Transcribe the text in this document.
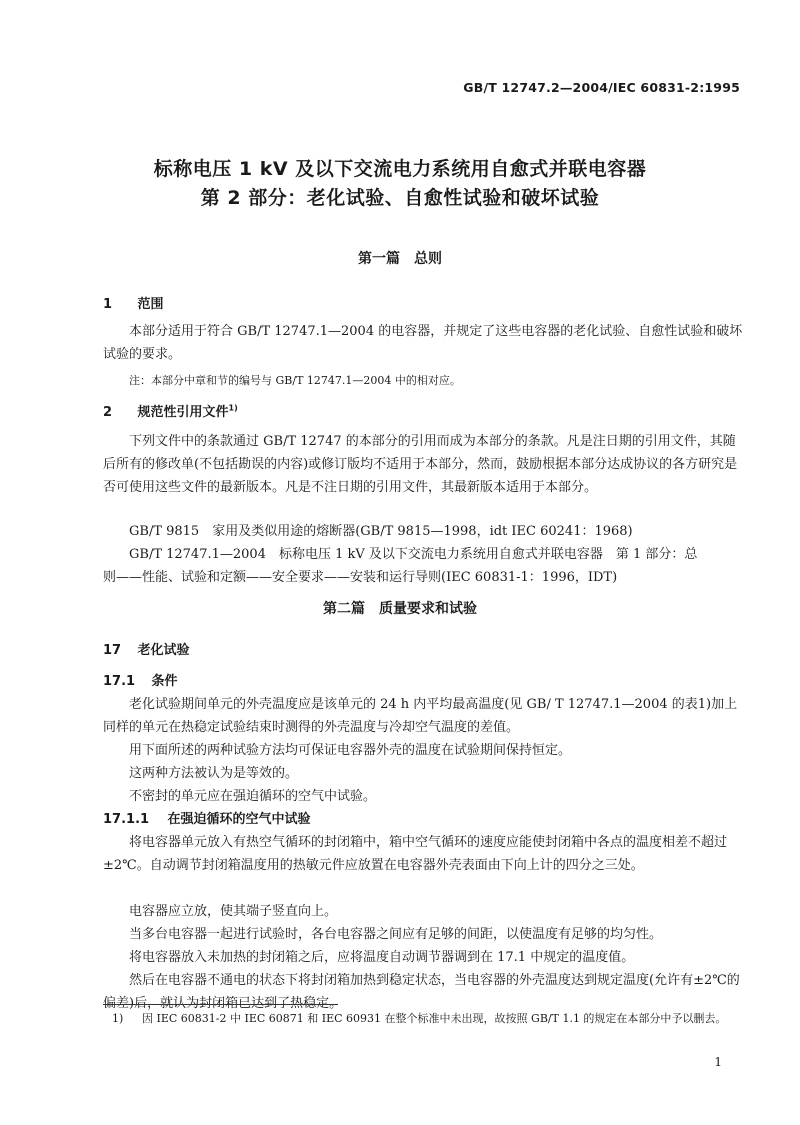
GB/T 12747.2—2004/IEC 60831-2:1995
标称电压 1 kV 及以下交流电力系统用自愈式并联电容器
第 2 部分：老化试验、自愈性试验和破坏试验
第一篇　总则
1 范围

本部分适用于符合 GB/T 12747.1—2004 的电容器，并规定了这些电容器的老化试验、自愈性试验和破坏试验的要求。

注：本部分中章和节的编号与 GB/T 12747.1—2004 中的相对应。
2 规范性引用文件$^{1)}$

下列文件中的条款通过 GB/T 12747 的本部分的引用而成为本部分的条款。凡是注日期的引用文件，其随后所有的修改单(不包括勘误的内容)或修订版均不适用于本部分，然而，鼓励根据本部分达成协议的各方研究是否可使用这些文件的最新版本。凡是不注日期的引用文件，其最新版本适用于本部分。

GB/T 9815　家用及类似用途的熔断器(GB/T 9815—1998，idt IEC 60241：1968)
GB/T 12747.1—2004　标称电压 1 kV 及以下交流电力系统用自愈式并联电容器　第 1 部分：总
则——性能、试验和定额——安全要求——安装和运行导则(IEC 60831-1：1996，IDT)
第二篇　质量要求和试验
17 老化试验
17.1 条件

老化试验期间单元的外壳温度应是该单元的 24 h 内平均最高温度(见 GB/ T 12747.1—2004 的表1)加上同样的单元在热稳定试验结束时测得的外壳温度与冷却空气温度的差值。

用下面所述的两种试验方法均可保证电容器外壳的温度在试验期间保持恒定。
这两种方法被认为是等效的。
不密封的单元应在强迫循环的空气中试验。
17.1.1 在强迫循环的空气中试验

将电容器单元放入有热空气循环的封闭箱中，箱中空气循环的速度应能使封闭箱中各点的温度相差不超过±2℃。自动调节封闭箱温度用的热敏元件应放置在电容器外壳表面由下向上计的四分之三处。

电容器应立放，使其端子竖直向上。
当多台电容器一起进行试验时，各台电容器之间应有足够的间距，以使温度有足够的均匀性。
将电容器放入未加热的封闭箱之后，应将温度自动调节器调到在 17.1 中规定的温度值。

然后在电容器不通电的状态下将封闭箱加热到稳定状态，当电容器的外壳温度达到规定温度(允许有±2℃的偏差)后，就认为封闭箱已达到了热稳定。

1) 因 IEC 60831-2 中 IEC 60871 和 IEC 60931 在整个标准中未出现，故按照 GB/T 1.1 的规定在本部分中予以删去。
1
